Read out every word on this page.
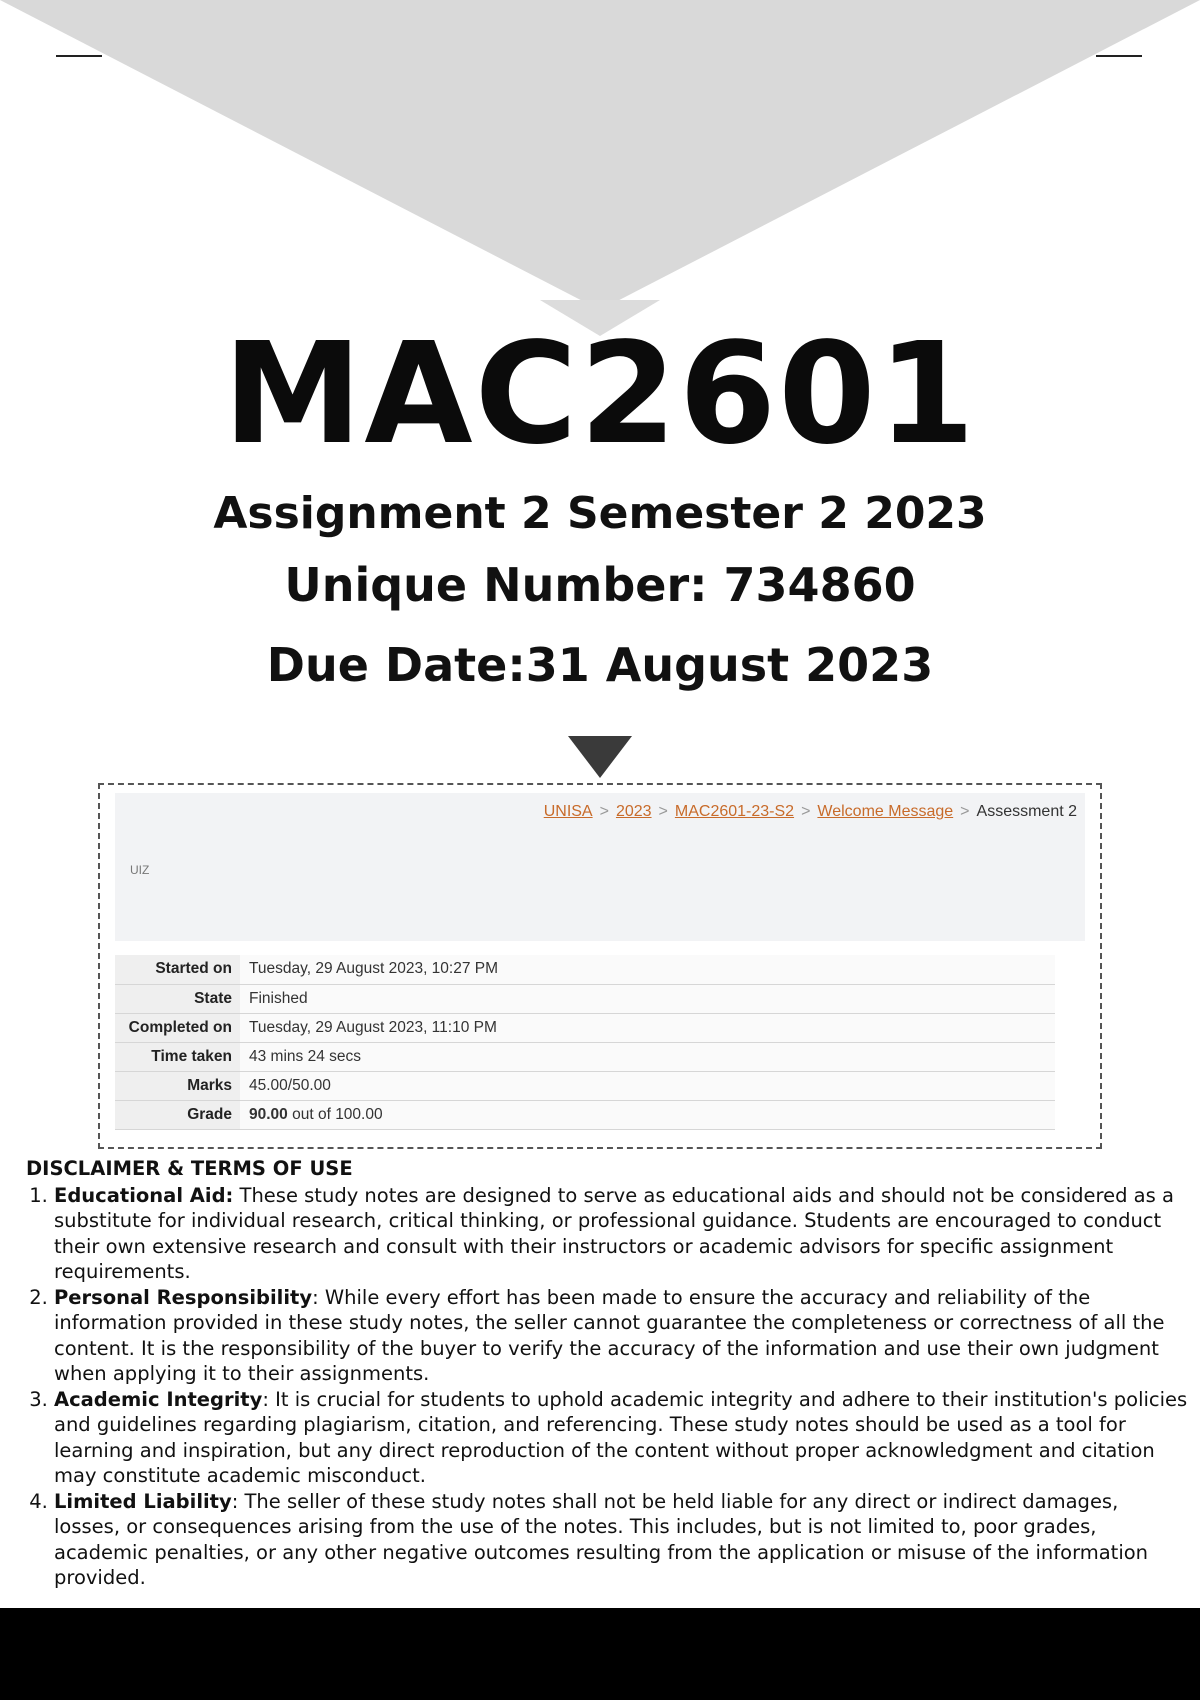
MAC2601
Assignment 2 Semester 2 2023
Unique Number: 734860
Due Date:31 August 2023
UNISA > 2023 > MAC2601-23-S2 > Welcome Message > Assessment 2
UIZ
Started on	Tuesday, 29 August 2023, 10:27 PM
State	Finished
Completed on	Tuesday, 29 August 2023, 11:10 PM
Time taken	43 mins 24 secs
Marks	45.00/50.00
Grade	90.00 out of 100.00
DISCLAIMER & TERMS OF USE
1. Educational Aid: These study notes are designed to serve as educational aids and should not be considered as a substitute for individual research, critical thinking, or professional guidance. Students are encouraged to conduct their own extensive research and consult with their instructors or academic advisors for specific assignment requirements.
2. Personal Responsibility: While every effort has been made to ensure the accuracy and reliability of the information provided in these study notes, the seller cannot guarantee the completeness or correctness of all the content. It is the responsibility of the buyer to verify the accuracy of the information and use their own judgment when applying it to their assignments.
3. Academic Integrity: It is crucial for students to uphold academic integrity and adhere to their institution's policies and guidelines regarding plagiarism, citation, and referencing. These study notes should be used as a tool for learning and inspiration, but any direct reproduction of the content without proper acknowledgment and citation may constitute academic misconduct.
4. Limited Liability: The seller of these study notes shall not be held liable for any direct or indirect damages, losses, or consequences arising from the use of the notes. This includes, but is not limited to, poor grades, academic penalties, or any other negative outcomes resulting from the application or misuse of the information provided.
